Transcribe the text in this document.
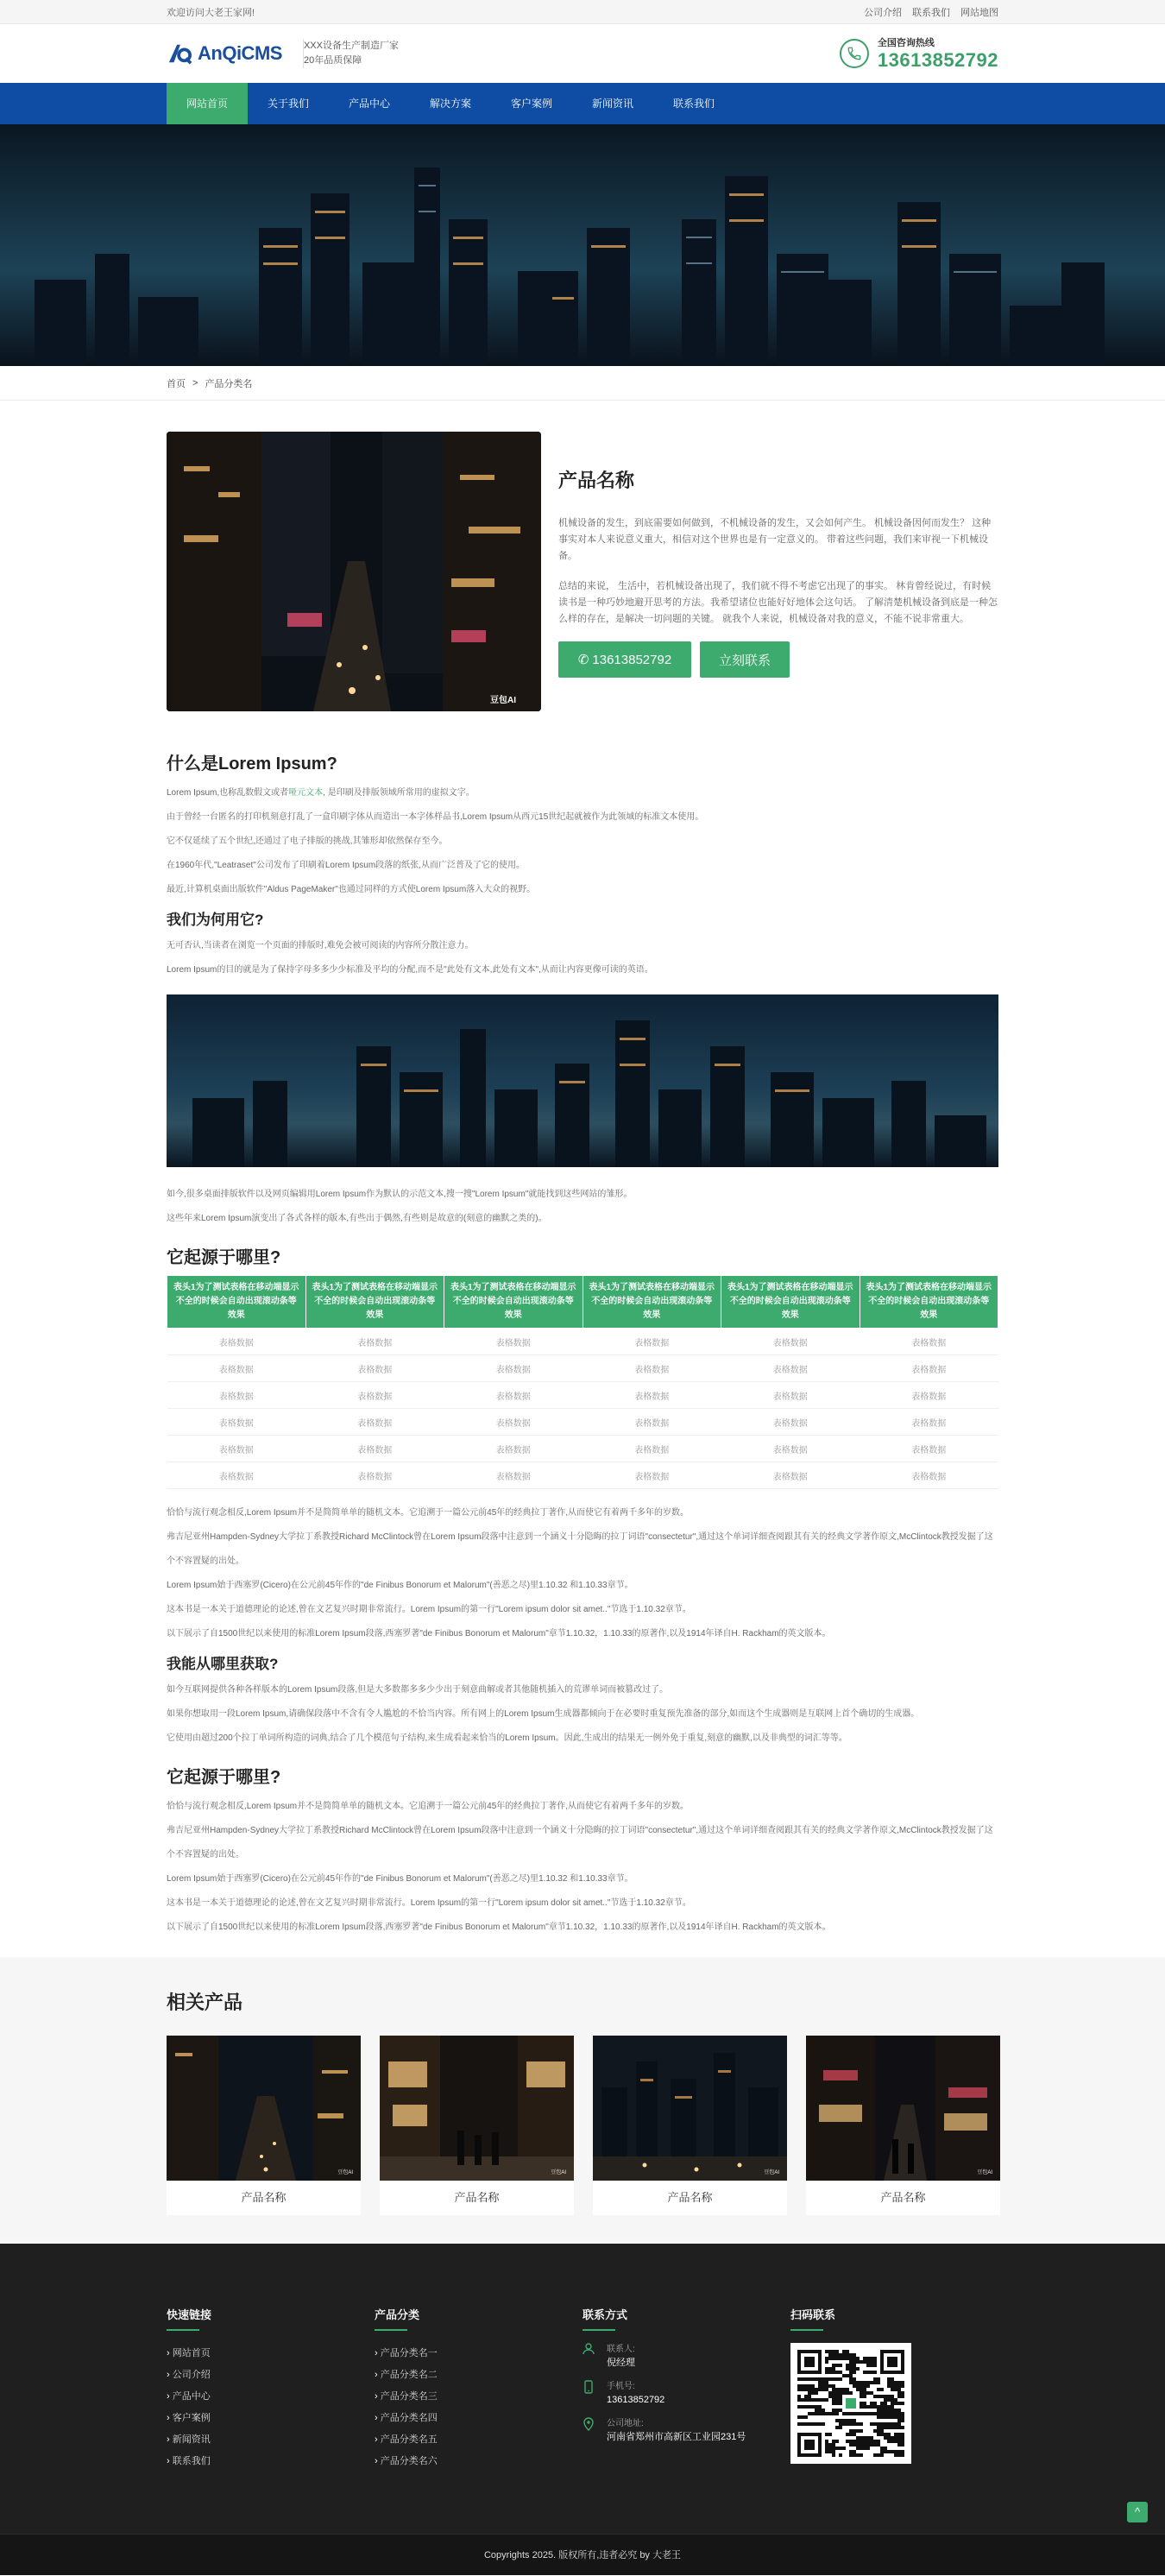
欢迎访问大老王家网!	公司介绍 联系我们 网站地图
AnQiCMS XXX设备生产制造厂家
20年品质保障
全国咨询热线
13613852792
网站首页	关于我们	产品中心	解决方案	客户案例	新闻资讯	联系我们
首页 > 产品分类名
豆包AI
产品名称

机械设备的发生，到底需要如何做到，不机械设备的发生，又会如何产生。 机械设备因何而发生？ 这种事实对本人来说意义重大，相信对这个世界也是有一定意义的。 带着这些问题，我们来审视一下机械设备。

总结的来说， 生活中，若机械设备出现了，我们就不得不考虑它出现了的事实。 林肯曾经说过，有时候读书是一种巧妙地避开思考的方法。我希望诸位也能好好地体会这句话。 了解清楚机械设备到底是一种怎么样的存在，是解决一切问题的关键。 就我个人来说，机械设备对我的意义，不能不说非常重大。

✆ 13613852792	立刻联系
什么是Lorem Ipsum?

Lorem Ipsum,也称乱数假文或者哑元文本, 是印刷及排版领域所常用的虚拟文字。

由于曾经一台匿名的打印机刻意打乱了一盒印刷字体从而造出一本字体样品书,Lorem Ipsum从西元15世纪起就被作为此领域的标准文本使用。

它不仅延续了五个世纪,还通过了电子排版的挑战,其雏形却依然保存至今。

在1960年代,"Leatraset"公司发布了印刷着Lorem Ipsum段落的纸张,从而广泛普及了它的使用。

最近,计算机桌面出版软件"Aldus PageMaker"也通过同样的方式使Lorem Ipsum落入大众的视野。

我们为何用它?

无可否认,当读者在浏览一个页面的排版时,难免会被可阅读的内容所分散注意力。

Lorem Ipsum的目的就是为了保持字母多多少少标准及平均的分配,而不是"此处有文本,此处有文本",从而让内容更像可读的英语。

如今,很多桌面排版软件以及网页编辑用Lorem Ipsum作为默认的示范文本,搜一搜"Lorem Ipsum"就能找到这些网站的雏形。

这些年来Lorem Ipsum演变出了各式各样的版本,有些出于偶然,有些则是故意的(刻意的幽默之类的)。

它起源于哪里?
表头1为了测试表格在移动端显示不全的时候会自动出现滚动条等效果	表头1为了测试表格在移动端显示不全的时候会自动出现滚动条等效果	表头1为了测试表格在移动端显示不全的时候会自动出现滚动条等效果	表头1为了测试表格在移动端显示不全的时候会自动出现滚动条等效果	表头1为了测试表格在移动端显示不全的时候会自动出现滚动条等效果	表头1为了测试表格在移动端显示不全的时候会自动出现滚动条等效果
表格数据	表格数据	表格数据	表格数据	表格数据	表格数据
表格数据	表格数据	表格数据	表格数据	表格数据	表格数据
表格数据	表格数据	表格数据	表格数据	表格数据	表格数据
表格数据	表格数据	表格数据	表格数据	表格数据	表格数据
表格数据	表格数据	表格数据	表格数据	表格数据	表格数据
表格数据	表格数据	表格数据	表格数据	表格数据	表格数据

恰恰与流行观念相反,Lorem Ipsum并不是简简单单的随机文本。它追溯于一篇公元前45年的经典拉丁著作,从而使它有着两千多年的岁数。

弗吉尼亚州Hampden-Sydney大学拉丁系教授Richard McClintock曾在Lorem Ipsum段落中注意到一个涵义十分隐晦的拉丁词语"consectetur",通过这个单词详细查阅跟其有关的经典文学著作原文,McClintock教授发掘了这个不容置疑的出处。

Lorem Ipsum始于西塞罗(Cicero)在公元前45年作的"de Finibus Bonorum et Malorum"(善恶之尽)里1.10.32 和1.10.33章节。

这本书是一本关于道德理论的论述,曾在文艺复兴时期非常流行。Lorem Ipsum的第一行"Lorem ipsum dolor sit amet.."节选于1.10.32章节。

以下展示了自1500世纪以来使用的标准Lorem Ipsum段落,西塞罗著"de Finibus Bonorum et Malorum"章节1.10.32，1.10.33的原著作,以及1914年译自H. Rackham的英文版本。

我能从哪里获取?

如今互联网提供各种各样版本的Lorem Ipsum段落,但是大多数都多多少少出于刻意曲解或者其他随机插入的荒谬单词而被篡改过了。

如果你想取用一段Lorem Ipsum,请确保段落中不含有令人尴尬的不恰当内容。所有网上的Lorem Ipsum生成器都倾向于在必要时重复预先准备的部分,如而这个生成器则是互联网上首个确切的生成器。

它使用由超过200个拉丁单词所构造的词典,结合了几个模范句子结构,来生成看起来恰当的Lorem Ipsum。因此,生成出的结果无一例外免于重复,刻意的幽默,以及非典型的词汇等等。

它起源于哪里?

恰恰与流行观念相反,Lorem Ipsum并不是简简单单的随机文本。它追溯于一篇公元前45年的经典拉丁著作,从而使它有着两千多年的岁数。

弗吉尼亚州Hampden-Sydney大学拉丁系教授Richard McClintock曾在Lorem Ipsum段落中注意到一个涵义十分隐晦的拉丁词语"consectetur",通过这个单词详细查阅跟其有关的经典文学著作原文,McClintock教授发掘了这个不容置疑的出处。

Lorem Ipsum始于西塞罗(Cicero)在公元前45年作的"de Finibus Bonorum et Malorum"(善恶之尽)里1.10.32 和1.10.33章节。

这本书是一本关于道德理论的论述,曾在文艺复兴时期非常流行。Lorem Ipsum的第一行"Lorem ipsum dolor sit amet.."节选于1.10.32章节。

以下展示了自1500世纪以来使用的标准Lorem Ipsum段落,西塞罗著"de Finibus Bonorum et Malorum"章节1.10.32，1.10.33的原著作,以及1914年译自H. Rackham的英文版本。

相关产品
豆包AI
产品名称
豆包AI
产品名称
豆包AI
产品名称
豆包AI
产品名称
快速链接
› 网站首页
› 公司介绍
› 产品中心
› 客户案例
› 新闻资讯
› 联系我们
产品分类
› 产品分类名一
› 产品分类名二
› 产品分类名三
› 产品分类名四
› 产品分类名五
› 产品分类名六
联系方式
联系人:
倪经理
手机号:
13613852792
公司地址:
河南省郑州市高新区工业园231号
扫码联系
Copyrights 2025. 版权所有,违者必究 by 大老王
^
